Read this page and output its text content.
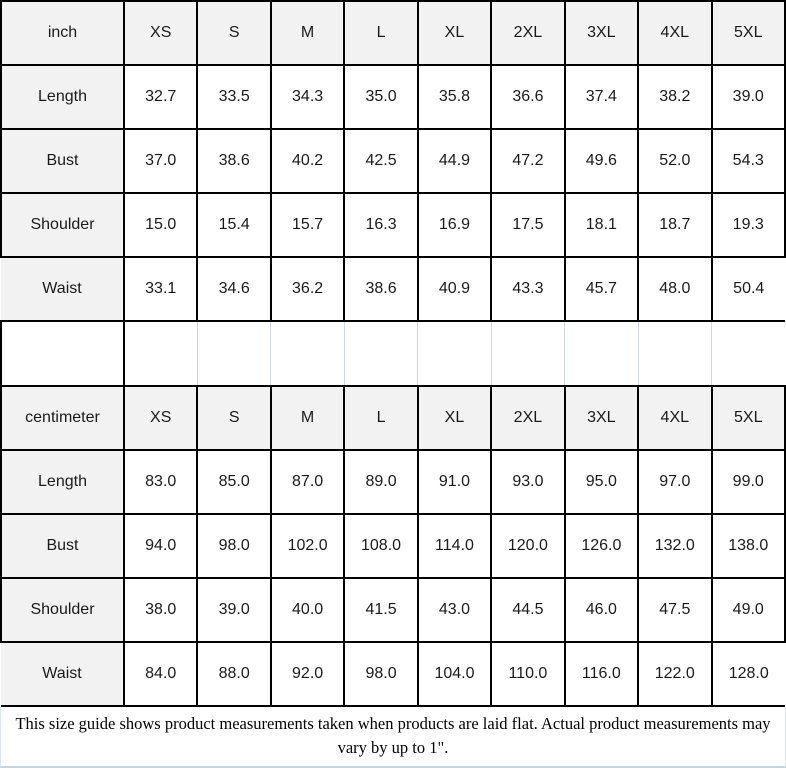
inch	XS	S	M	L	XL	2XL	3XL	4XL	5XL
Length	32.7	33.5	34.3	35.0	35.8	36.6	37.4	38.2	39.0
Bust	37.0	38.6	40.2	42.5	44.9	47.2	49.6	52.0	54.3
Shoulder	15.0	15.4	15.7	16.3	16.9	17.5	18.1	18.7	19.3
Waist	33.1	34.6	36.2	38.6	40.9	43.3	45.7	48.0	50.4

centimeter	XS	S	M	L	XL	2XL	3XL	4XL	5XL
Length	83.0	85.0	87.0	89.0	91.0	93.0	95.0	97.0	99.0
Bust	94.0	98.0	102.0	108.0	114.0	120.0	126.0	132.0	138.0
Shoulder	38.0	39.0	40.0	41.5	43.0	44.5	46.0	47.5	49.0
Waist	84.0	88.0	92.0	98.0	104.0	110.0	116.0	122.0	128.0
This size guide shows product measurements taken when products are laid flat. Actual product measurements may vary by up to 1".
